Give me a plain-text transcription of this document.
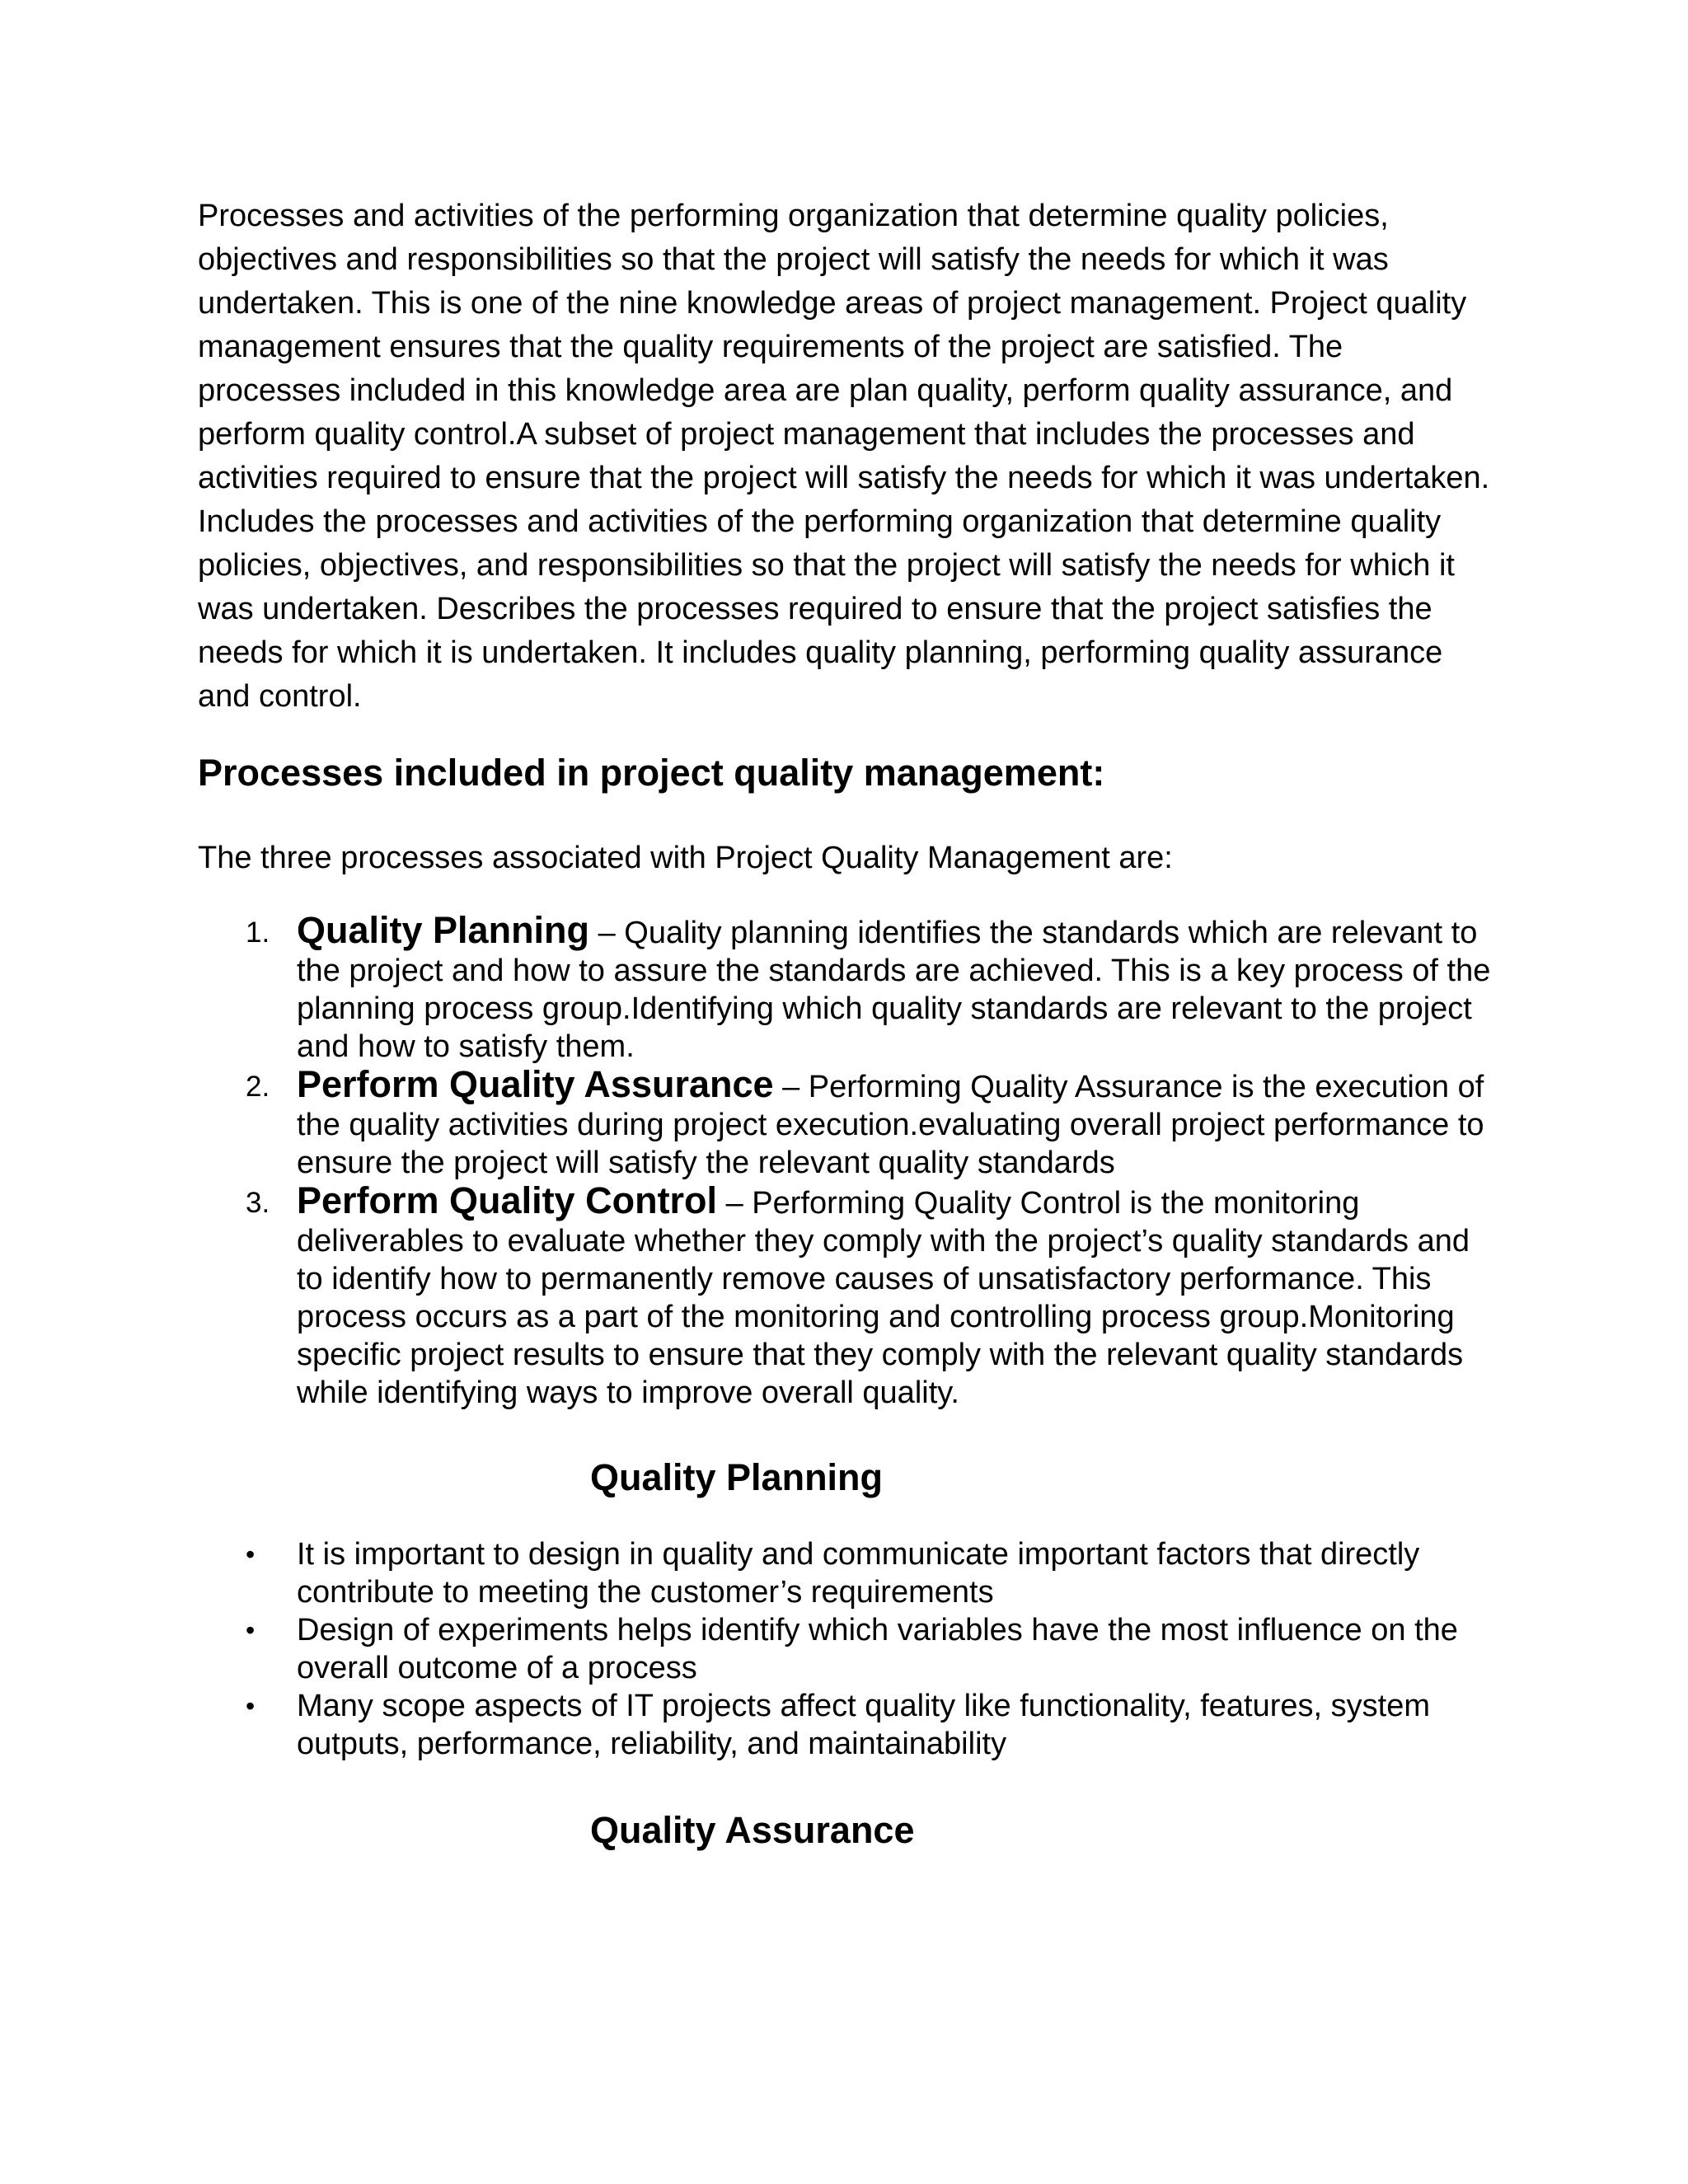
Processes and activities of the performing organization that determine quality policies, objectives and responsibilities so that the project will satisfy the needs for which it was undertaken. This is one of the nine knowledge areas of project management. Project quality management ensures that the quality requirements of the project are satisfied. The processes included in this knowledge area are plan quality, perform quality assurance, and perform quality control.A subset of project management that includes the processes and activities required to ensure that the project will satisfy the needs for which it was undertaken. Includes the processes and activities of the performing organization that determine quality policies, objectives, and responsibilities so that the project will satisfy the needs for which it was undertaken. Describes the processes required to ensure that the project satisfies the needs for which it is undertaken. It includes quality planning, performing quality assurance and control.

Processes included in project quality management:

The three processes associated with Project Quality Management are:

1. Quality Planning – Quality planning identifies the standards which are relevant to the project and how to assure the standards are achieved. This is a key process of the planning process group.Identifying which quality standards are relevant to the project and how to satisfy them.
2. Perform Quality Assurance – Performing Quality Assurance is the execution of the quality activities during project execution.evaluating overall project performance to ensure the project will satisfy the relevant quality standards
3. Perform Quality Control – Performing Quality Control is the monitoring deliverables to evaluate whether they comply with the project’s quality standards and to identify how to permanently remove causes of unsatisfactory performance. This process occurs as a part of the monitoring and controlling process group.Monitoring specific project results to ensure that they comply with the relevant quality standards while identifying ways to improve overall quality.
Quality Planning
• It is important to design in quality and communicate important factors that directly contribute to meeting the customer’s requirements
• Design of experiments helps identify which variables have the most influence on the overall outcome of a process
• Many scope aspects of IT projects affect quality like functionality, features, system outputs, performance, reliability, and maintainability
Quality Assurance
